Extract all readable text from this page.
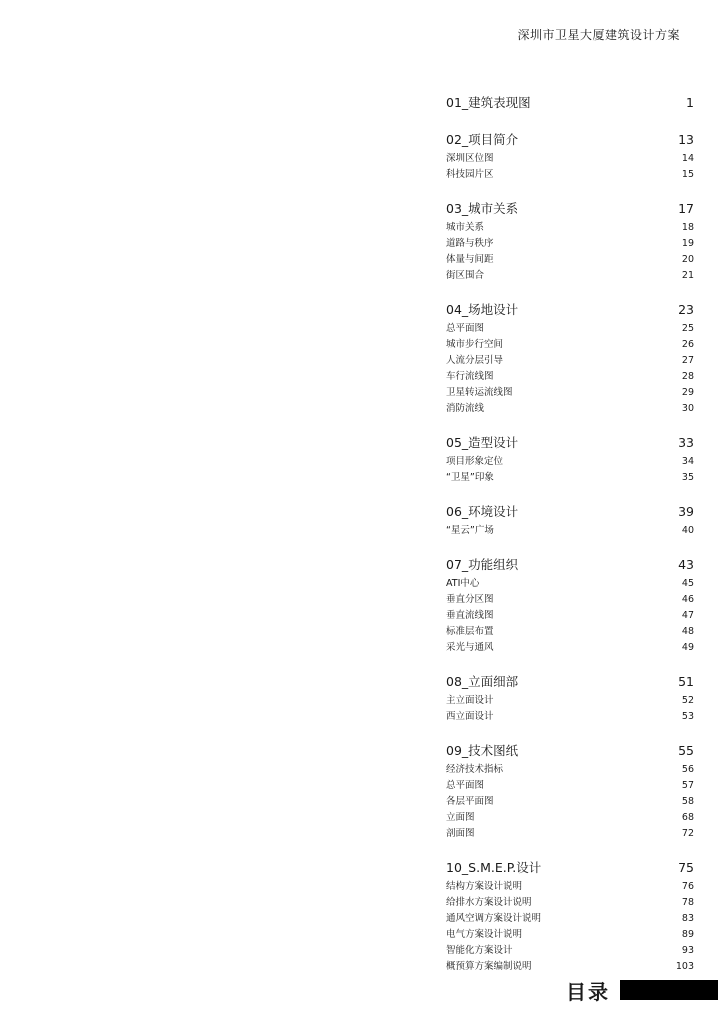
深圳市卫星大厦建筑设计方案
01_建筑表现图	1
02_项目简介	13
深圳区位图	14
科技园片区	15
03_城市关系	17
城市关系	18
道路与秩序	19
体量与间距	20
街区围合	21
04_场地设计	23
总平面图	25
城市步行空间	26
人流分层引导	27
车行流线图	28
卫星转运流线图	29
消防流线	30
05_造型设计	33
项目形象定位	34
“卫星”印象	35
06_环境设计	39
“星云”广场	40
07_功能组织	43
ATI中心	45
垂直分区图	46
垂直流线图	47
标准层布置	48
采光与通风	49
08_立面细部	51
主立面设计	52
西立面设计	53
09_技术图纸	55
经济技术指标	56
总平面图	57
各层平面图	58
立面图	68
剖面图	72
10_S.M.E.P.设计	75
结构方案设计说明	76
给排水方案设计说明	78
通风空调方案设计说明	83
电气方案设计说明	89
智能化方案设计	93
概预算方案编制说明	103
目录
